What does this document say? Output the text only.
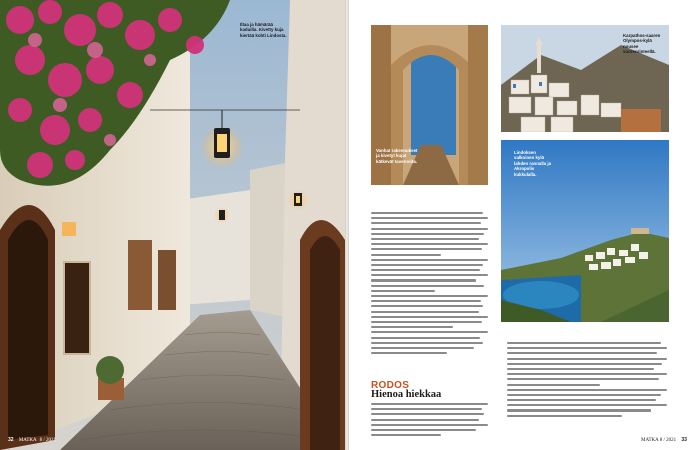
Iltaa ja hämärää kaduilla. Kivetty kuja kiertää kohti Lindosta.
32 MATKA 8 / 2021
Vanhat rakennukset ja kivetyt kujat kätkevät tavernoita.
Karpathos-saaren Olympos-kylä nousee vuorenrinteellä.
Lindoksen valkoinen kylä lahden rannalla ja Akropolis kukkulalla.
RODOS
Hienoa hiekkaa
MATKA 8 / 2021 33
